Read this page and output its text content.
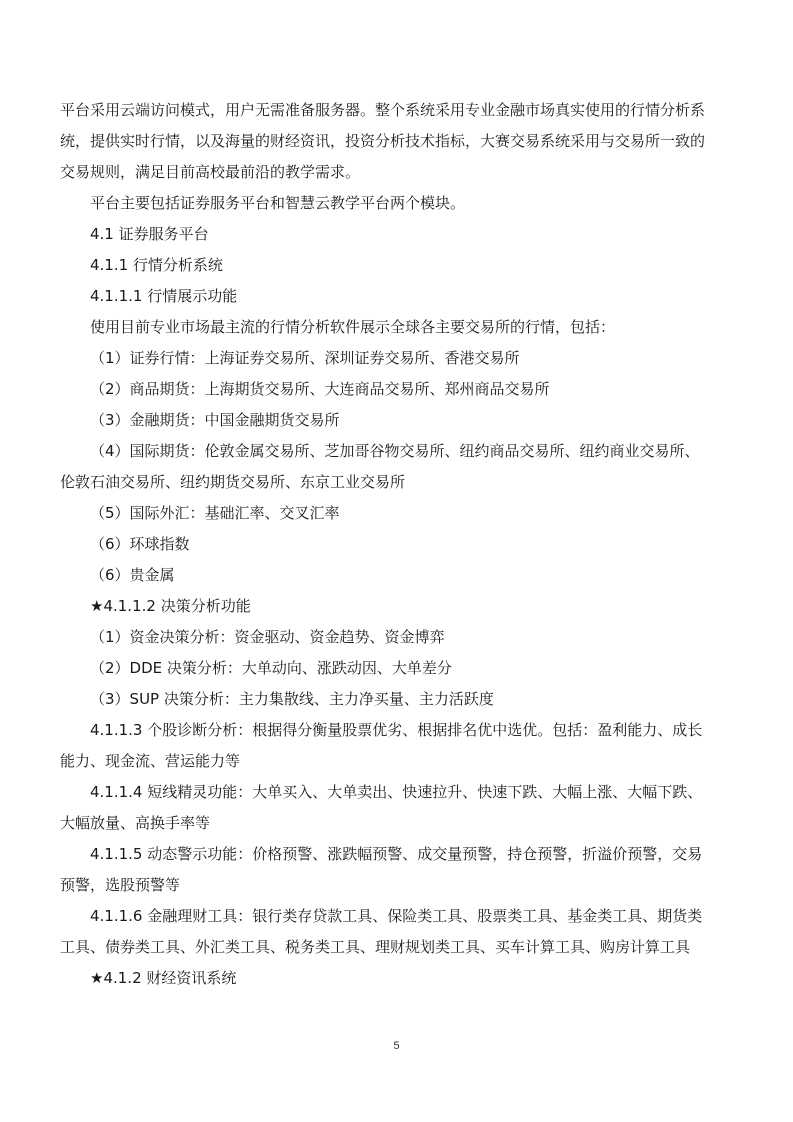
平台采用云端访问模式，用户无需准备服务器。整个系统采用专业金融市场真实使用的行情分析系
统，提供实时行情，以及海量的财经资讯，投资分析技术指标，大赛交易系统采用与交易所一致的
交易规则，满足目前高校最前沿的教学需求。
平台主要包括证券服务平台和智慧云教学平台两个模块。
4.1 证券服务平台
4.1.1 行情分析系统
4.1.1.1 行情展示功能
使用目前专业市场最主流的行情分析软件展示全球各主要交易所的行情，包括：
（1）证券行情：上海证券交易所、深圳证券交易所、香港交易所
（2）商品期货：上海期货交易所、大连商品交易所、郑州商品交易所
（3）金融期货：中国金融期货交易所
（4）国际期货：伦敦金属交易所、芝加哥谷物交易所、纽约商品交易所、纽约商业交易所、
伦敦石油交易所、纽约期货交易所、东京工业交易所
（5）国际外汇：基础汇率、交叉汇率
（6）环球指数
（6）贵金属
★4.1.1.2 决策分析功能
（1）资金决策分析：资金驱动、资金趋势、资金博弈
（2）DDE 决策分析：大单动向、涨跌动因、大单差分
（3）SUP 决策分析：主力集散线、主力净买量、主力活跃度
4.1.1.3 个股诊断分析：根据得分衡量股票优劣、根据排名优中选优。包括：盈利能力、成长
能力、现金流、营运能力等
4.1.1.4 短线精灵功能：大单买入、大单卖出、快速拉升、快速下跌、大幅上涨、大幅下跌、
大幅放量、高换手率等
4.1.1.5 动态警示功能：价格预警、涨跌幅预警、成交量预警，持仓预警，折溢价预警，交易
预警，选股预警等
4.1.1.6 金融理财工具：银行类存贷款工具、保险类工具、股票类工具、基金类工具、期货类
工具、债券类工具、外汇类工具、税务类工具、理财规划类工具、买车计算工具、购房计算工具
★4.1.2 财经资讯系统
5
